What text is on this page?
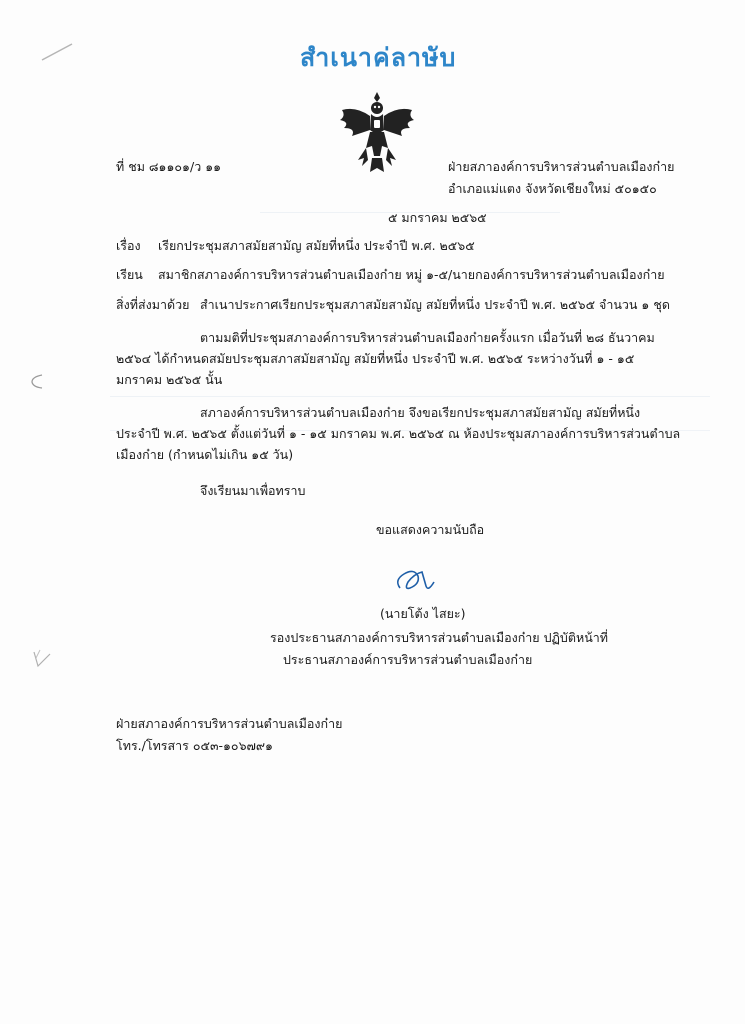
สำเนาค่ลาษับ
ที่ ชม ๘๑๑๐๑/ว ๑๑	ฝ่ายสภาองค์การบริหารส่วนตำบลเมืองก๋าย
อำเภอแม่แตง จังหวัดเชียงใหม่ ๕๐๑๕๐
๕ มกราคม ๒๕๖๕
เรื่อง เรียกประชุมสภาสมัยสามัญ สมัยที่หนึ่ง ประจำปี พ.ศ. ๒๕๖๕
เรียน สมาชิกสภาองค์การบริหารส่วนตำบลเมืองก๋าย หมู่ ๑-๕/นายกองค์การบริหารส่วนตำบลเมืองก๋าย
สิ่งที่ส่งมาด้วย สำเนาประกาศเรียกประชุมสภาสมัยสามัญ สมัยที่หนึ่ง ประจำปี พ.ศ. ๒๕๖๕ จำนวน ๑ ชุด
ตามมติที่ประชุมสภาองค์การบริหารส่วนตำบลเมืองก๋ายครั้งแรก เมื่อวันที่ ๒๘ ธันวาคม
๒๕๖๔ ได้กำหนดสมัยประชุมสภาสมัยสามัญ สมัยที่หนึ่ง ประจำปี พ.ศ. ๒๕๖๕ ระหว่างวันที่ ๑ - ๑๕
มกราคม ๒๕๖๕ นั้น
สภาองค์การบริหารส่วนตำบลเมืองก๋าย จึงขอเรียกประชุมสภาสมัยสามัญ สมัยที่หนึ่ง
ประจำปี พ.ศ. ๒๕๖๕ ตั้งแต่วันที่ ๑ - ๑๕ มกราคม พ.ศ. ๒๕๖๕ ณ ห้องประชุมสภาองค์การบริหารส่วนตำบล
เมืองก๋าย (กำหนดไม่เกิน ๑๕ วัน)
จึงเรียนมาเพื่อทราบ
ขอแสดงความนับถือ
(นายโต้ง ไสยะ)
รองประธานสภาองค์การบริหารส่วนตำบลเมืองก๋าย ปฏิบัติหน้าที่
ประธานสภาองค์การบริหารส่วนตำบลเมืองก๋าย
ฝ่ายสภาองค์การบริหารส่วนตำบลเมืองก๋าย
โทร./โทรสาร ๐๕๓-๑๐๖๗๙๑
